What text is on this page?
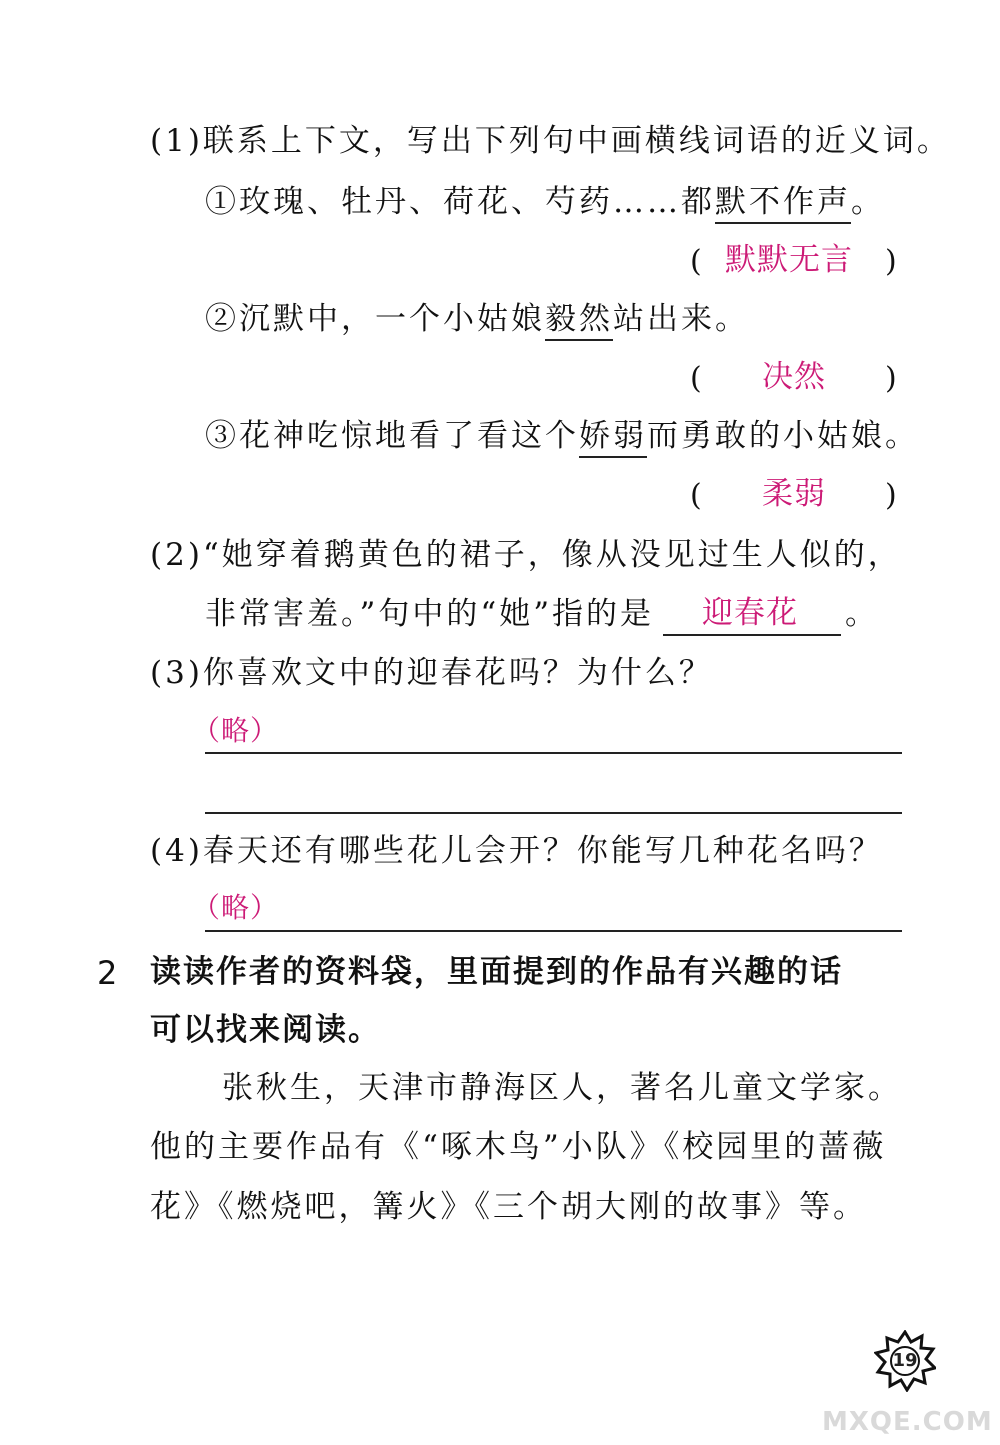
(1)联系上下文，写出下列句中画横线词语的近义词。
①玫瑰、牡丹、荷花、芍药……都默不作声。
( 默默无言 )
②沉默中，一个小姑娘毅然站出来。
( 决然 )
③花神吃惊地看了看这个娇弱而勇敢的小姑娘。
( 柔弱 )
(2)“她穿着鹅黄色的裙子，像从没见过生人似的，
非常害羞。”句中的“她”指的是 迎春花 。
(3)你喜欢文中的迎春花吗？为什么？
（略）
(4)春天还有哪些花儿会开？你能写几种花名吗？
（略）
2 读读作者的资料袋，里面提到的作品有兴趣的话
可以找来阅读。
张秋生，天津市静海区人，著名儿童文学家。
他的主要作品有《“啄木鸟”小队》《校园里的蔷薇
花》《燃烧吧，篝火》《三个胡大刚的故事》等。
19
MXQE.COM
